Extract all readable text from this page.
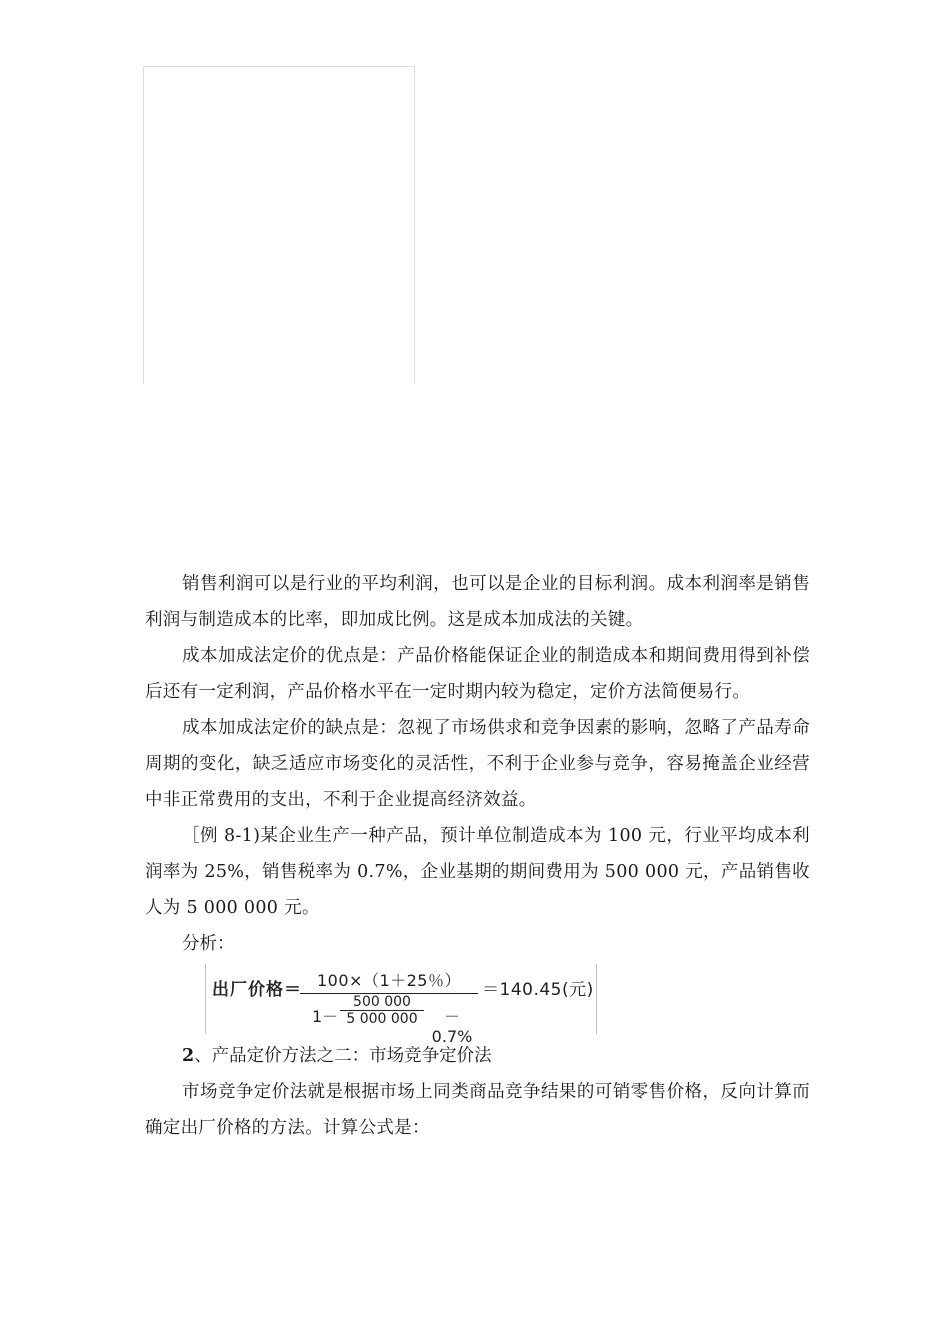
销售利润可以是行业的平均利润，也可以是企业的目标利润。成本利润率是销售利润与制造成本的比率，即加成比例。这是成本加成法的关键。

成本加成法定价的优点是：产品价格能保证企业的制造成本和期间费用得到补偿后还有一定利润，产品价格水平在一定时期内较为稳定，定价方法简便易行。

成本加成法定价的缺点是：忽视了市场供求和竞争因素的影响，忽略了产品寿命周期的变化，缺乏适应市场变化的灵活性，不利于企业参与竞争，容易掩盖企业经营中非正常费用的支出，不利于企业提高经济效益。

［例 8-1)某企业生产一种产品，预计单位制造成本为 100 元，行业平均成本利润率为 25%，销售税率为 0.7%，企业基期的期间费用为 500 000 元，产品销售收人为 5 000 000 元。

分析：

出厂价格＝ 100×（1＋25％）
$1- \frac{500 000}{5 000 000}$	－0.7%
＝140.45(元)

2、产品定价方法之二：市场竞争定价法

市场竞争定价法就是根据市场上同类商品竞争结果的可销零售价格，反向计算而确定出厂价格的方法。计算公式是：
